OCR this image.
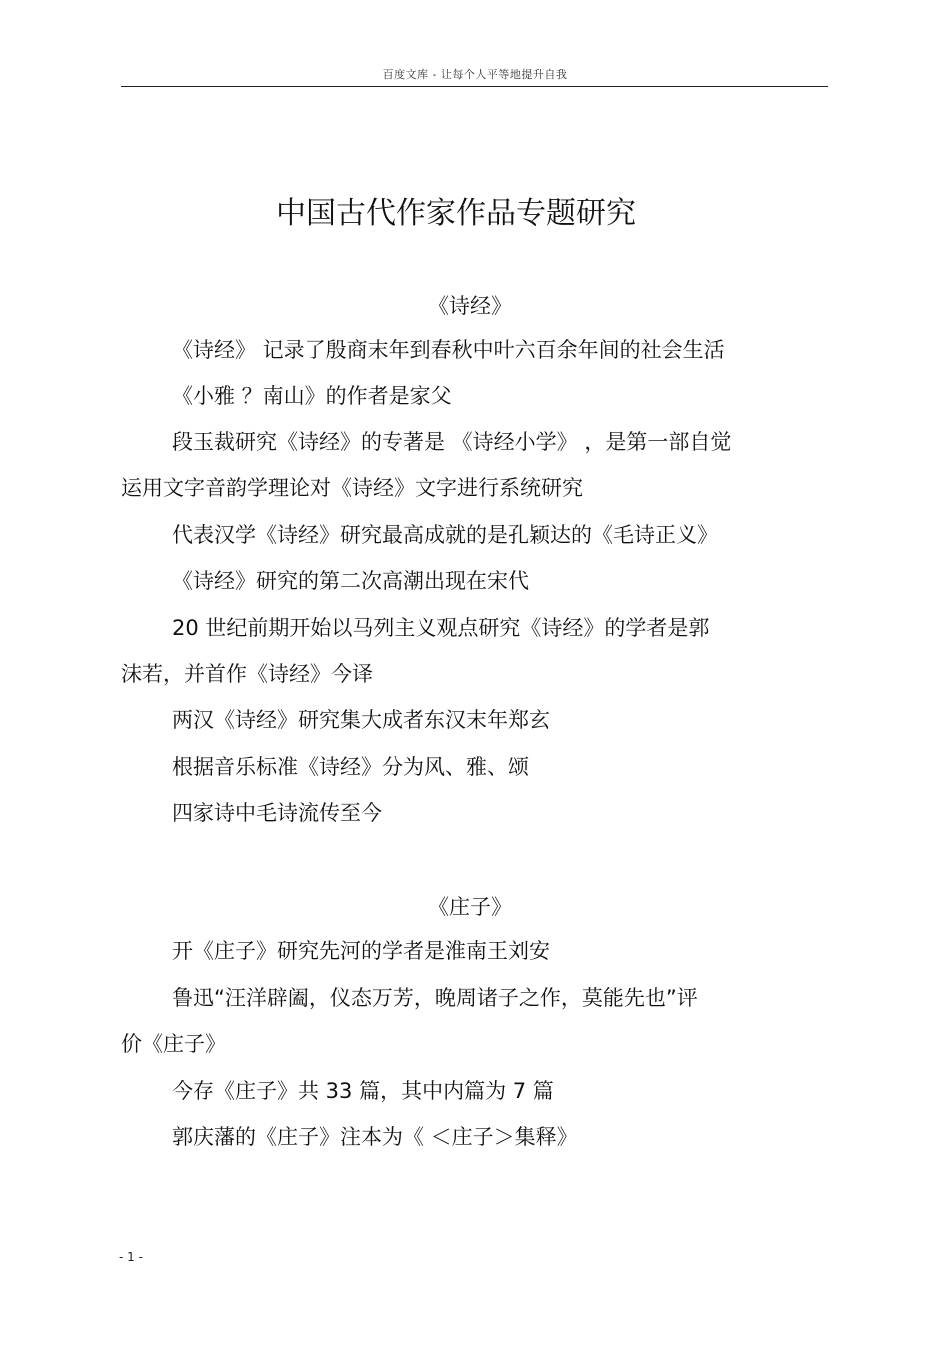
百度文库 - 让每个人平等地提升自我
中国古代作家作品专题研究
《诗经》
《诗经》 记录了殷商末年到春秋中叶六百余年间的社会生活
《小雅 ？南山》的作者是家父
段玉裁研究《诗经》的专著是 《诗经小学》 ，是第一部自觉
运用文字音韵学理论对《诗经》文字进行系统研究
代表汉学《诗经》研究最高成就的是孔颖达的《毛诗正义》
《诗经》研究的第二次高潮出现在宋代
20 世纪前期开始以马列主义观点研究《诗经》的学者是郭
沫若，并首作《诗经》今译
两汉《诗经》研究集大成者东汉末年郑玄
根据音乐标准《诗经》分为风、雅、颂
四家诗中毛诗流传至今
《庄子》
开《庄子》研究先河的学者是淮南王刘安
鲁迅“汪洋辟阖，仪态万芳，晚周诸子之作，莫能先也”评
价《庄子》
今存《庄子》共 33 篇，其中内篇为 7 篇
郭庆藩的《庄子》注本为《 ＜庄子＞集释》
- 1 -
